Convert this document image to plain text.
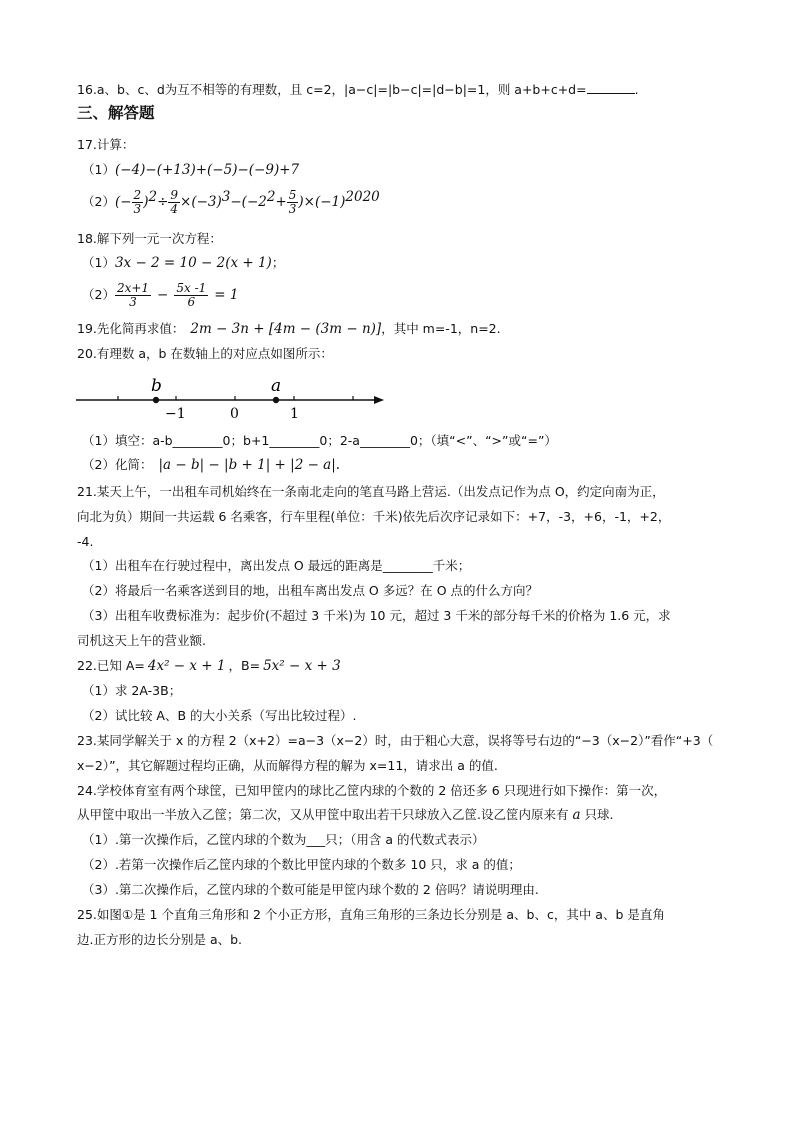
16.a、b、c、d为互不相等的有理数，且 c=2，|a−c|=|b−c|=|d−b|=1，则 a+b+c+d=	.
三、解答题
17.计算：
（1）(−4)−(+13)+(−5)−(−9)+7
$(2)(- \frac{2}{3} )^2\div \frac{9}{4} \times(-3)^3-(-2^2+ \frac{5}{3} )\times(-1)^{2020}$
18.解下列一元一次方程：
（1）3x − 2 = 10 − 2(x + 1)；
$(2) \frac{2x+1}{3} - \frac{5x -1}{6} = 1$
19.先化简再求值： 2m − 3n + [4m − (3m − n)]，其中 m=-1，n=2.
20.有理数 a，b 在数轴上的对应点如图所示：
b	a
−1	0	1
（1）填空：a-b________0；b+1________0；2-a________0；（填“<”、“>”或“=”）
（2）化简： |a − b| − |b + 1| + |2 − a|.
21.某天上午，一出租车司机始终在一条南北走向的笔直马路上营运.（出发点记作为点 O，约定向南为正，
向北为负）期间一共运载 6 名乘客，行车里程(单位：千米)依先后次序记录如下：+7，-3，+6，-1，+2，
-4.
（1）出租车在行驶过程中，离出发点 O 最远的距离是________千米；
（2）将最后一名乘客送到目的地，出租车离出发点 O 多远？在 O 点的什么方向？
（3）出租车收费标准为：起步价(不超过 3 千米)为 10 元，超过 3 千米的部分每千米的价格为 1.6 元，求
司机这天上午的营业额.
22.已知 A= 4x² − x + 1 ，B= 5x² − x + 3
（1）求 2A-3B；
（2）试比较 A、B 的大小关系（写出比较过程）.
23.某同学解关于 x 的方程 2（x+2）=a−3（x−2）时，由于粗心大意，误将等号右边的“−3（x−2）”看作“+3（
x−2）”，其它解题过程均正确，从而解得方程的解为 x=11，请求出 a 的值.
24.学校体育室有两个球筐，已知甲筐内的球比乙筐内球的个数的 2 倍还多 6 只现进行如下操作：第一次，
从甲筐中取出一半放入乙筐；第二次，又从甲筐中取出若干只球放入乙筐.设乙筐内原来有 a 只球.
（1）.第一次操作后，乙筐内球的个数为___只；（用含 a 的代数式表示）
（2）.若第一次操作后乙筐内球的个数比甲筐内球的个数多 10 只，求 a 的值；
（3）.第二次操作后，乙筐内球的个数可能是甲筐内球个数的 2 倍吗？请说明理由.
25.如图①是 1 个直角三角形和 2 个小正方形，直角三角形的三条边长分别是 a、b、c，其中 a、b 是直角
边.正方形的边长分别是 a、b.
